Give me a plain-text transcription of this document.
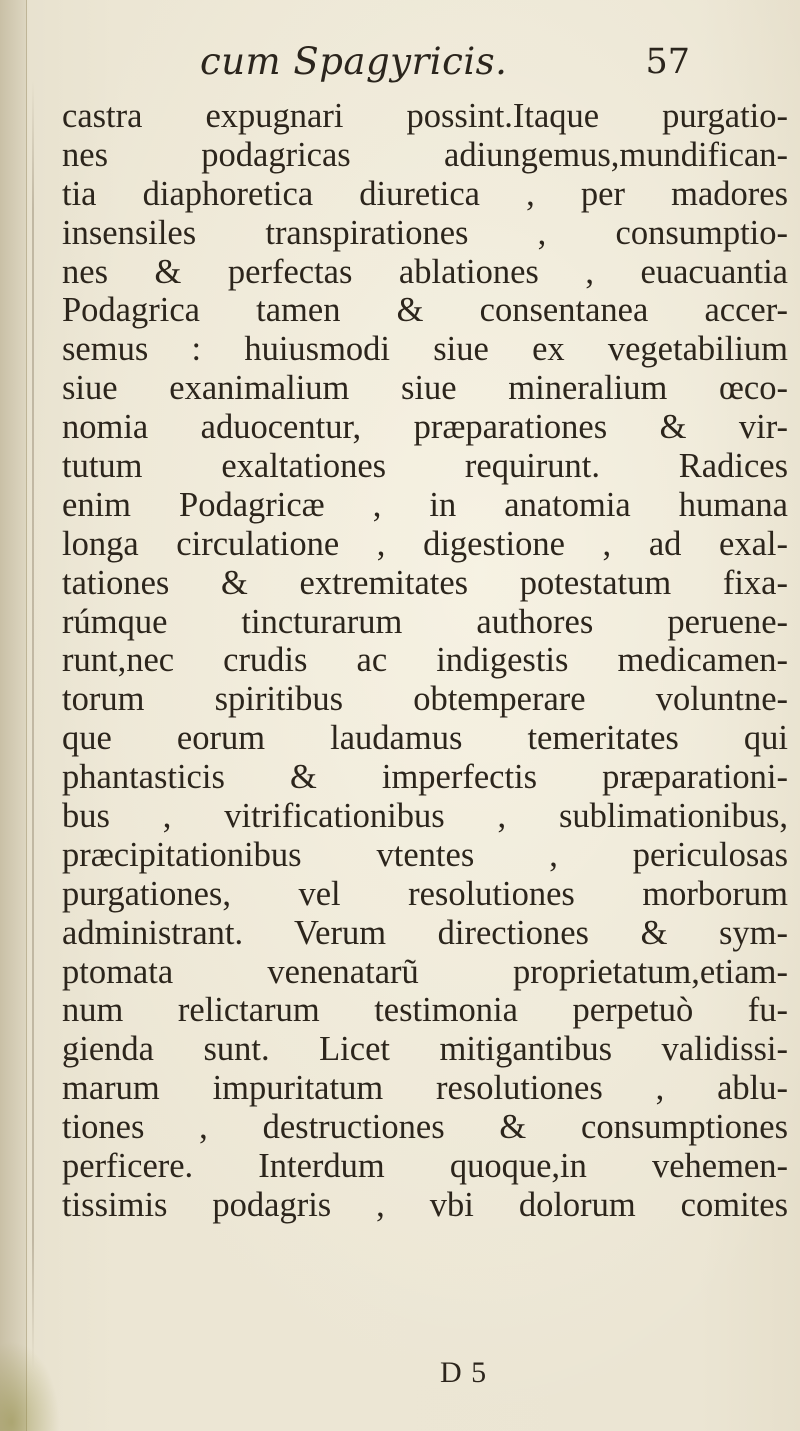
cum Spagyricis.	57
castra expugnari possint.Itaque purgatio-
nes podagricas adiungemus,mundifican-
tia diaphoretica diuretica , per madores
insensiles transpirationes , consumptio-
nes & perfectas ablationes , euacuantia
Podagrica tamen & consentanea accer-
semus : huiusmodi siue ex vegetabilium
siue exanimalium siue mineralium œco-
nomia aduocentur, præparationes & vir-
tutum exaltationes requirunt. Radices
enim Podagricæ , in anatomia humana
longa circulatione , digestione , ad exal-
tationes & extremitates potestatum fixa-
rúmque tincturarum authores peruene-
runt,nec crudis ac indigestis medicamen-
torum spiritibus obtemperare voluntne-
que eorum laudamus temeritates qui
phantasticis & imperfectis præparationi-
bus , vitrificationibus , sublimationibus,
præcipitationibus vtentes , periculosas
purgationes, vel resolutiones morborum
administrant. Verum directiones & sym-
ptomata venenatarũ proprietatum,etiam-
num relictarum testimonia perpetuò fu-
gienda sunt. Licet mitigantibus validissi-
marum impuritatum resolutiones , ablu-
tiones , destructiones & consumptiones
perficere. Interdum quoque,in vehemen-
tissimis podagris , vbi dolorum comites
D 5
